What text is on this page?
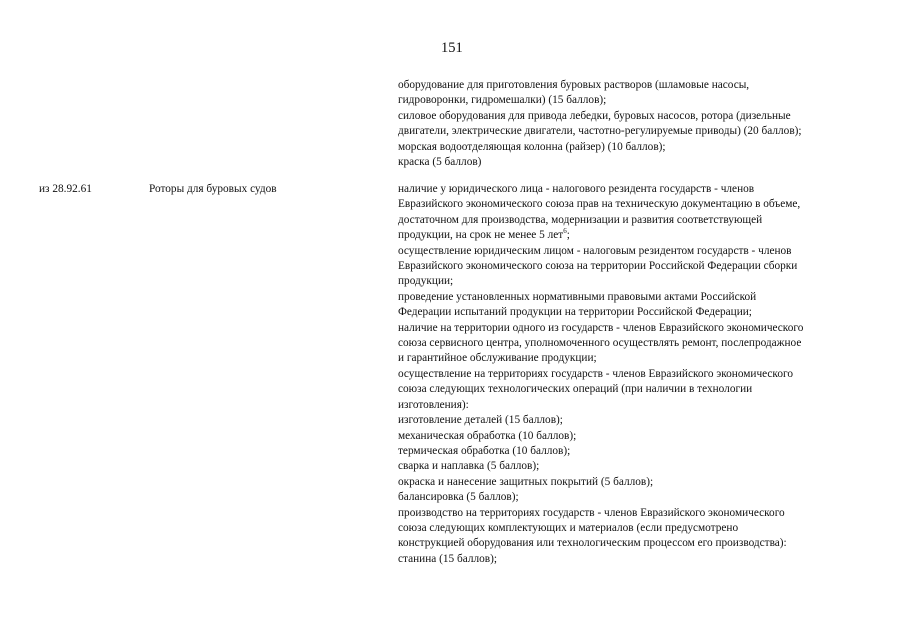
151
оборудование для приготовления буровых растворов (шламовые насосы,
гидроворонки, гидромешалки) (15 баллов);
силовое оборудования для привода лебедки, буровых насосов, ротора (дизельные
двигатели, электрические двигатели, частотно-регулируемые приводы) (20 баллов);
морская водоотделяющая колонна (райзер) (10 баллов);
краска (5 баллов)
из 28.92.61	Роторы для буровых судов	наличие у юридического лица - налогового резидента государств - членов
Евразийского экономического союза прав на техническую документацию в объеме,
достаточном для производства, модернизации и развития соответствующей
продукции, на срок не менее 5 лет$^6$;
осуществление юридическим лицом - налоговым резидентом государств - членов
Евразийского экономического союза на территории Российской Федерации сборки
продукции;
проведение установленных нормативными правовыми актами Российской
Федерации испытаний продукции на территории Российской Федерации;
наличие на территории одного из государств - членов Евразийского экономического
союза сервисного центра, уполномоченного осуществлять ремонт, послепродажное
и гарантийное обслуживание продукции;
осуществление на территориях государств - членов Евразийского экономического
союза следующих технологических операций (при наличии в технологии
изготовления):
изготовление деталей (15 баллов);
механическая обработка (10 баллов);
термическая обработка (10 баллов);
сварка и наплавка (5 баллов);
окраска и нанесение защитных покрытий (5 баллов);
балансировка (5 баллов);
производство на территориях государств - членов Евразийского экономического
союза следующих комплектующих и материалов (если предусмотрено
конструкцией оборудования или технологическим процессом его производства):
станина (15 баллов);
